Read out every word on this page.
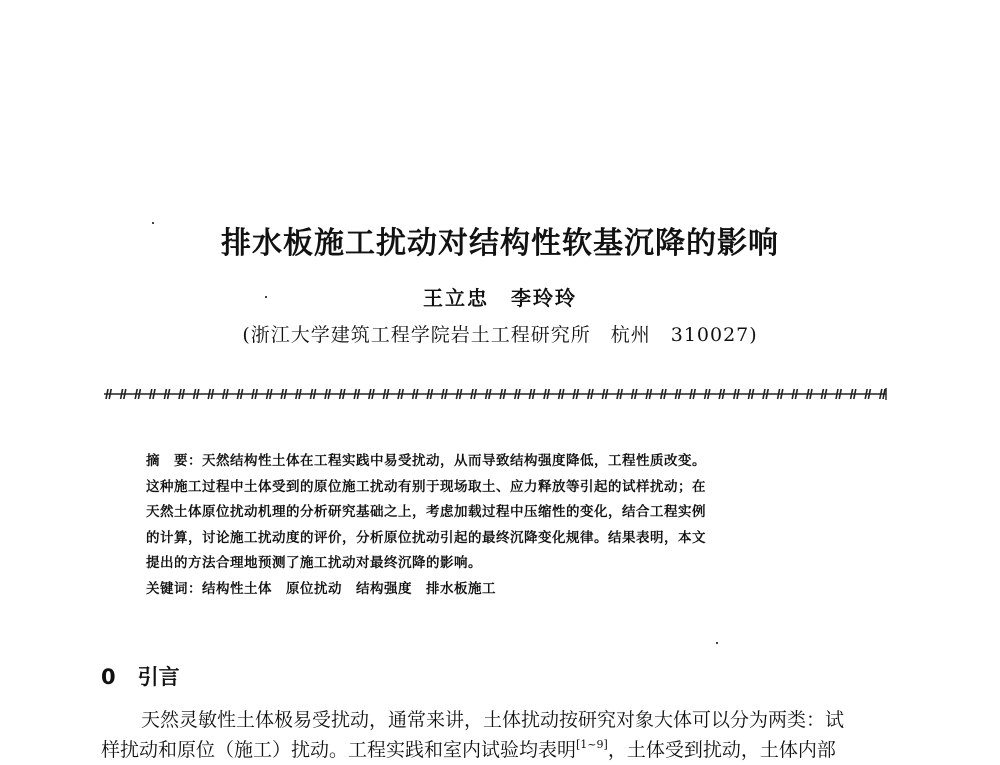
排水板施工扰动对结构性软基沉降的影响
王立忠　李玲玲
(浙江大学建筑工程学院岩土工程研究所　杭州　310027)
摘　要：天然结构性土体在工程实践中易受扰动，从而导致结构强度降低，工程性质改变。
这种施工过程中土体受到的原位施工扰动有别于现场取土、应力释放等引起的试样扰动；在
天然土体原位扰动机理的分析研究基础之上，考虑加载过程中压缩性的变化，结合工程实例
的计算，讨论施工扰动度的评价，分析原位扰动引起的最终沉降变化规律。结果表明，本文
提出的方法合理地预测了施工扰动对最终沉降的影响。
关键词：结构性土体　原位扰动　结构强度　排水板施工
0 引言
天然灵敏性土体极易受扰动，通常来讲，土体扰动按研究对象大体可以分为两类：试
样扰动和原位（施工）扰动。工程实践和室内试验均表明[1~9]，土体受到扰动，土体内部
